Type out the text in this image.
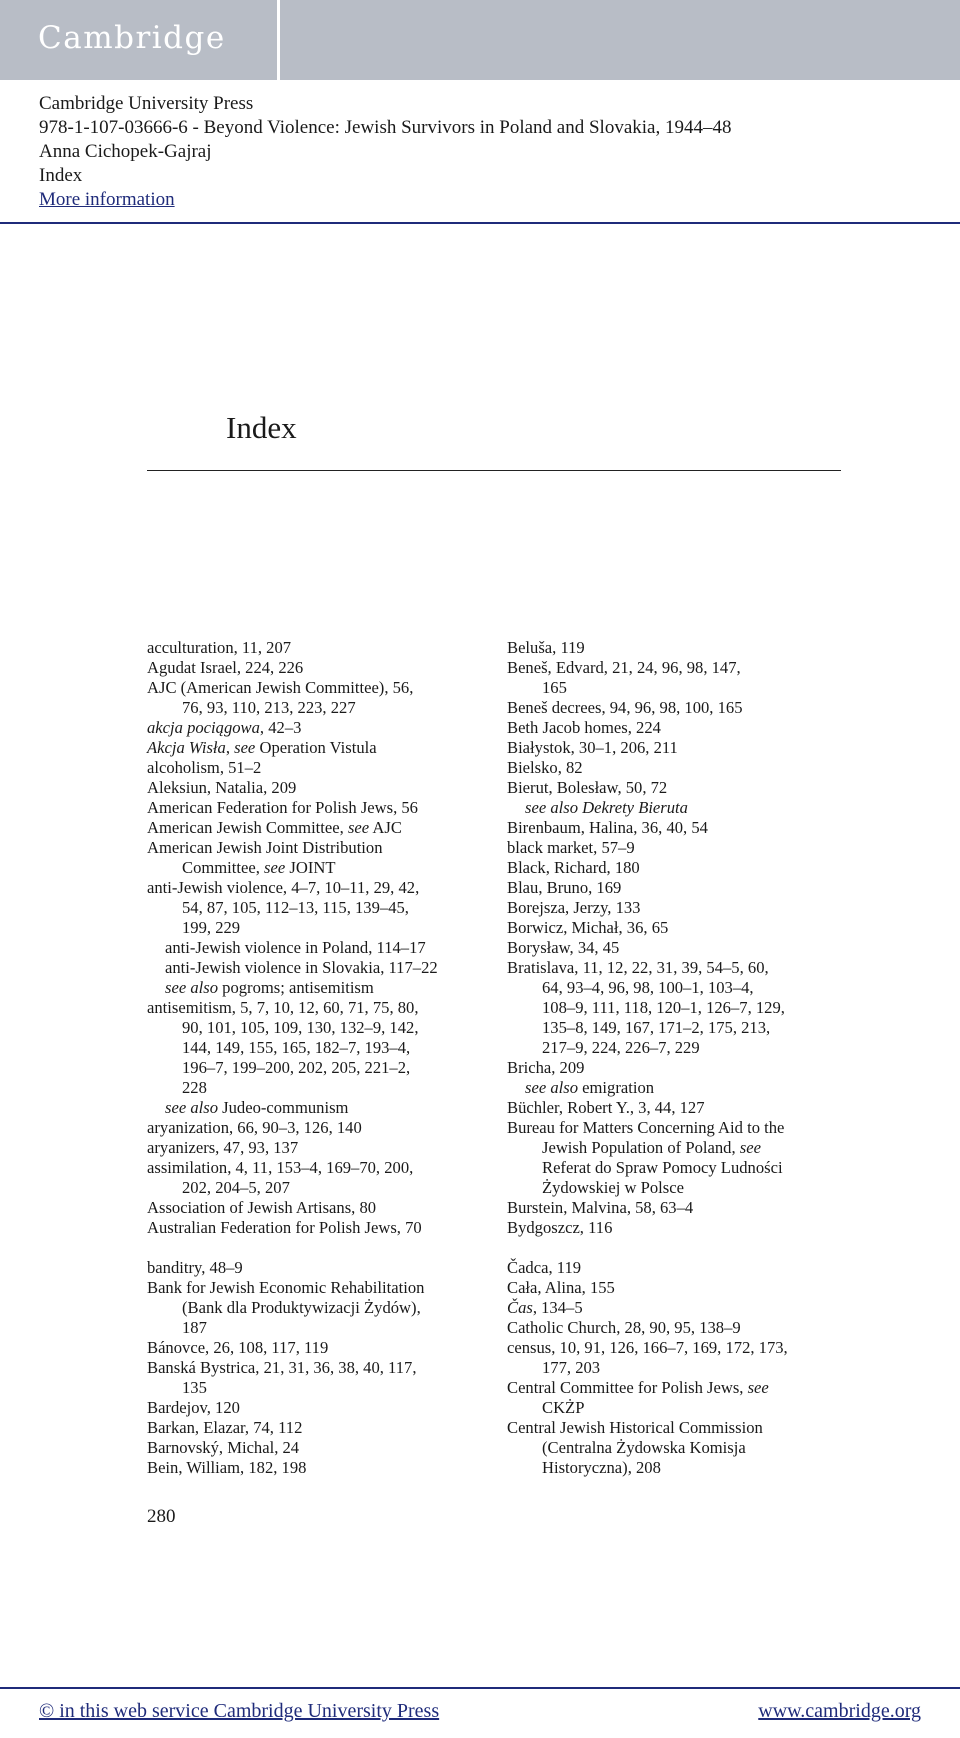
Cambridge
Cambridge University Press
978-1-107-03666-6 - Beyond Violence: Jewish Survivors in Poland and Slovakia, 1944–48
Anna Cichopek-Gajraj
Index
More information
Index
acculturation, 11, 207
Agudat Israel, 224, 226
AJC (American Jewish Committee), 56,
76, 93, 110, 213, 223, 227
akcja pociągowa, 42–3
Akcja Wisła, see Operation Vistula
alcoholism, 51–2
Aleksiun, Natalia, 209
American Federation for Polish Jews, 56
American Jewish Committee, see AJC
American Jewish Joint Distribution
Committee, see JOINT
anti-Jewish violence, 4–7, 10–11, 29, 42,
54, 87, 105, 112–13, 115, 139–45,
199, 229
anti-Jewish violence in Poland, 114–17
anti-Jewish violence in Slovakia, 117–22
see also pogroms; antisemitism
antisemitism, 5, 7, 10, 12, 60, 71, 75, 80,
90, 101, 105, 109, 130, 132–9, 142,
144, 149, 155, 165, 182–7, 193–4,
196–7, 199–200, 202, 205, 221–2,
228
see also Judeo-communism
aryanization, 66, 90–3, 126, 140
aryanizers, 47, 93, 137
assimilation, 4, 11, 153–4, 169–70, 200,
202, 204–5, 207
Association of Jewish Artisans, 80
Australian Federation for Polish Jews, 70
banditry, 48–9
Bank for Jewish Economic Rehabilitation
(Bank dla Produktywizacji Żydów),
187
Bánovce, 26, 108, 117, 119
Banská Bystrica, 21, 31, 36, 38, 40, 117,
135
Bardejov, 120
Barkan, Elazar, 74, 112
Barnovský, Michal, 24
Bein, William, 182, 198
Beluša, 119
Beneš, Edvard, 21, 24, 96, 98, 147,
165
Beneš decrees, 94, 96, 98, 100, 165
Beth Jacob homes, 224
Białystok, 30–1, 206, 211
Bielsko, 82
Bierut, Bolesław, 50, 72
see also Dekrety Bieruta
Birenbaum, Halina, 36, 40, 54
black market, 57–9
Black, Richard, 180
Blau, Bruno, 169
Borejsza, Jerzy, 133
Borwicz, Michał, 36, 65
Borysław, 34, 45
Bratislava, 11, 12, 22, 31, 39, 54–5, 60,
64, 93–4, 96, 98, 100–1, 103–4,
108–9, 111, 118, 120–1, 126–7, 129,
135–8, 149, 167, 171–2, 175, 213,
217–9, 224, 226–7, 229
Bricha, 209
see also emigration
Büchler, Robert Y., 3, 44, 127
Bureau for Matters Concerning Aid to the
Jewish Population of Poland, see
Referat do Spraw Pomocy Ludności
Żydowskiej w Polsce
Burstein, Malvina, 58, 63–4
Bydgoszcz, 116
Čadca, 119
Cała, Alina, 155
Čas, 134–5
Catholic Church, 28, 90, 95, 138–9
census, 10, 91, 126, 166–7, 169, 172, 173,
177, 203
Central Committee for Polish Jews, see
CKŻP
Central Jewish Historical Commission
(Centralna Żydowska Komisja
Historyczna), 208
280
© in this web service Cambridge University Press	www.cambridge.org
